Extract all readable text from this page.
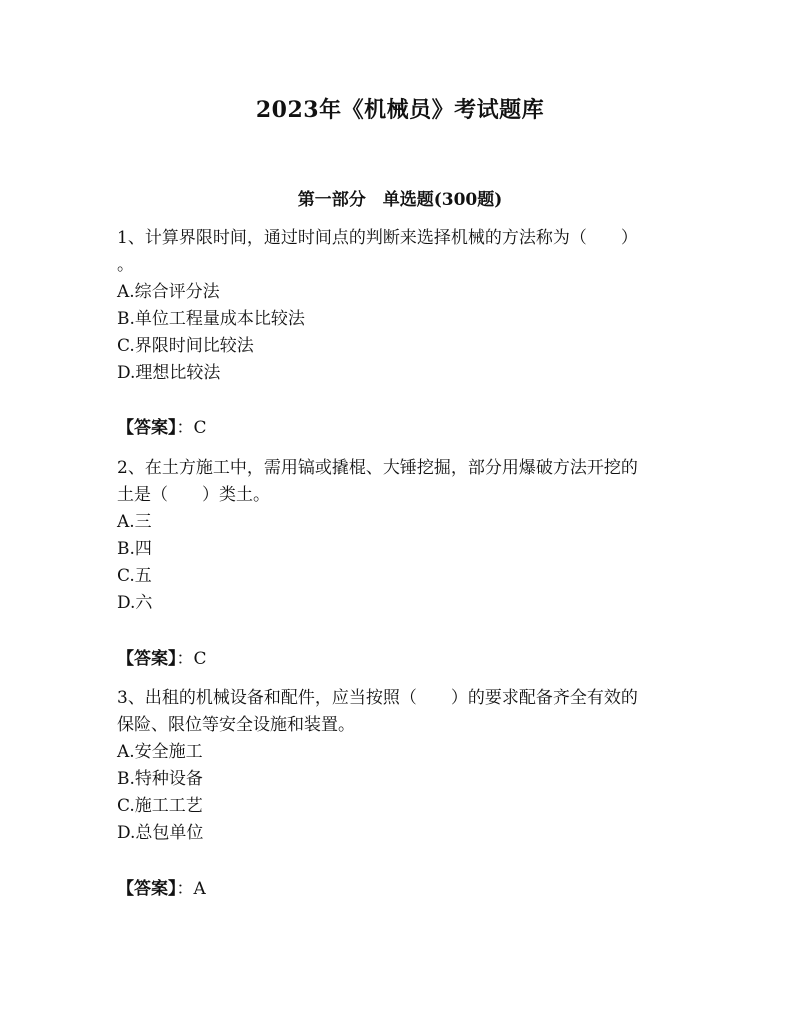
2023年《机械员》考试题库
第一部分　单选题(300题)
1、计算界限时间，通过时间点的判断来选择机械的方法称为（　　）
。
A.综合评分法
B.单位工程量成本比较法
C.界限时间比较法
D.理想比较法
【答案】：C
2、在土方施工中，需用镐或撬棍、大锤挖掘，部分用爆破方法开挖的
土是（　　）类土。
A.三
B.四
C.五
D.六
【答案】：C
3、出租的机械设备和配件，应当按照（　　）的要求配备齐全有效的
保险、限位等安全设施和装置。
A.安全施工
B.特种设备
C.施工工艺
D.总包单位
【答案】：A
